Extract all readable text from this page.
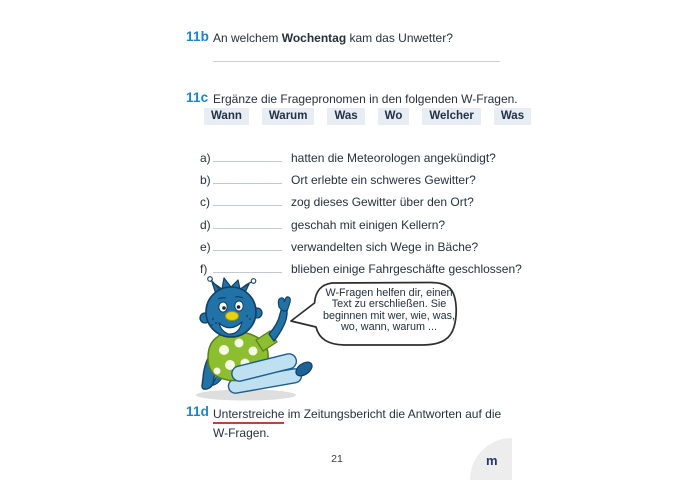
11b An welchem Wochentag kam das Unwetter?
11c Ergänze die Fragepronomen in den folgenden W-Fragen.
Wann	Warum	Was	Wo	Welcher	Was
a)	hatten die Meteorologen angekündigt?
b)	Ort erlebte ein schweres Gewitter?
c)	zog dieses Gewitter über den Ort?
d)	geschah mit einigen Kellern?
e)	verwandelten sich Wege in Bäche?
f)	blieben einige Fahrgeschäfte geschlossen?
W-Fragen helfen dir, einen
Text zu erschließen. Sie
beginnen mit wer, wie, was,
wo, wann, warum ...
11d Unterstreiche im Zeitungsbericht die Antworten auf die W-Fragen.
21	m
